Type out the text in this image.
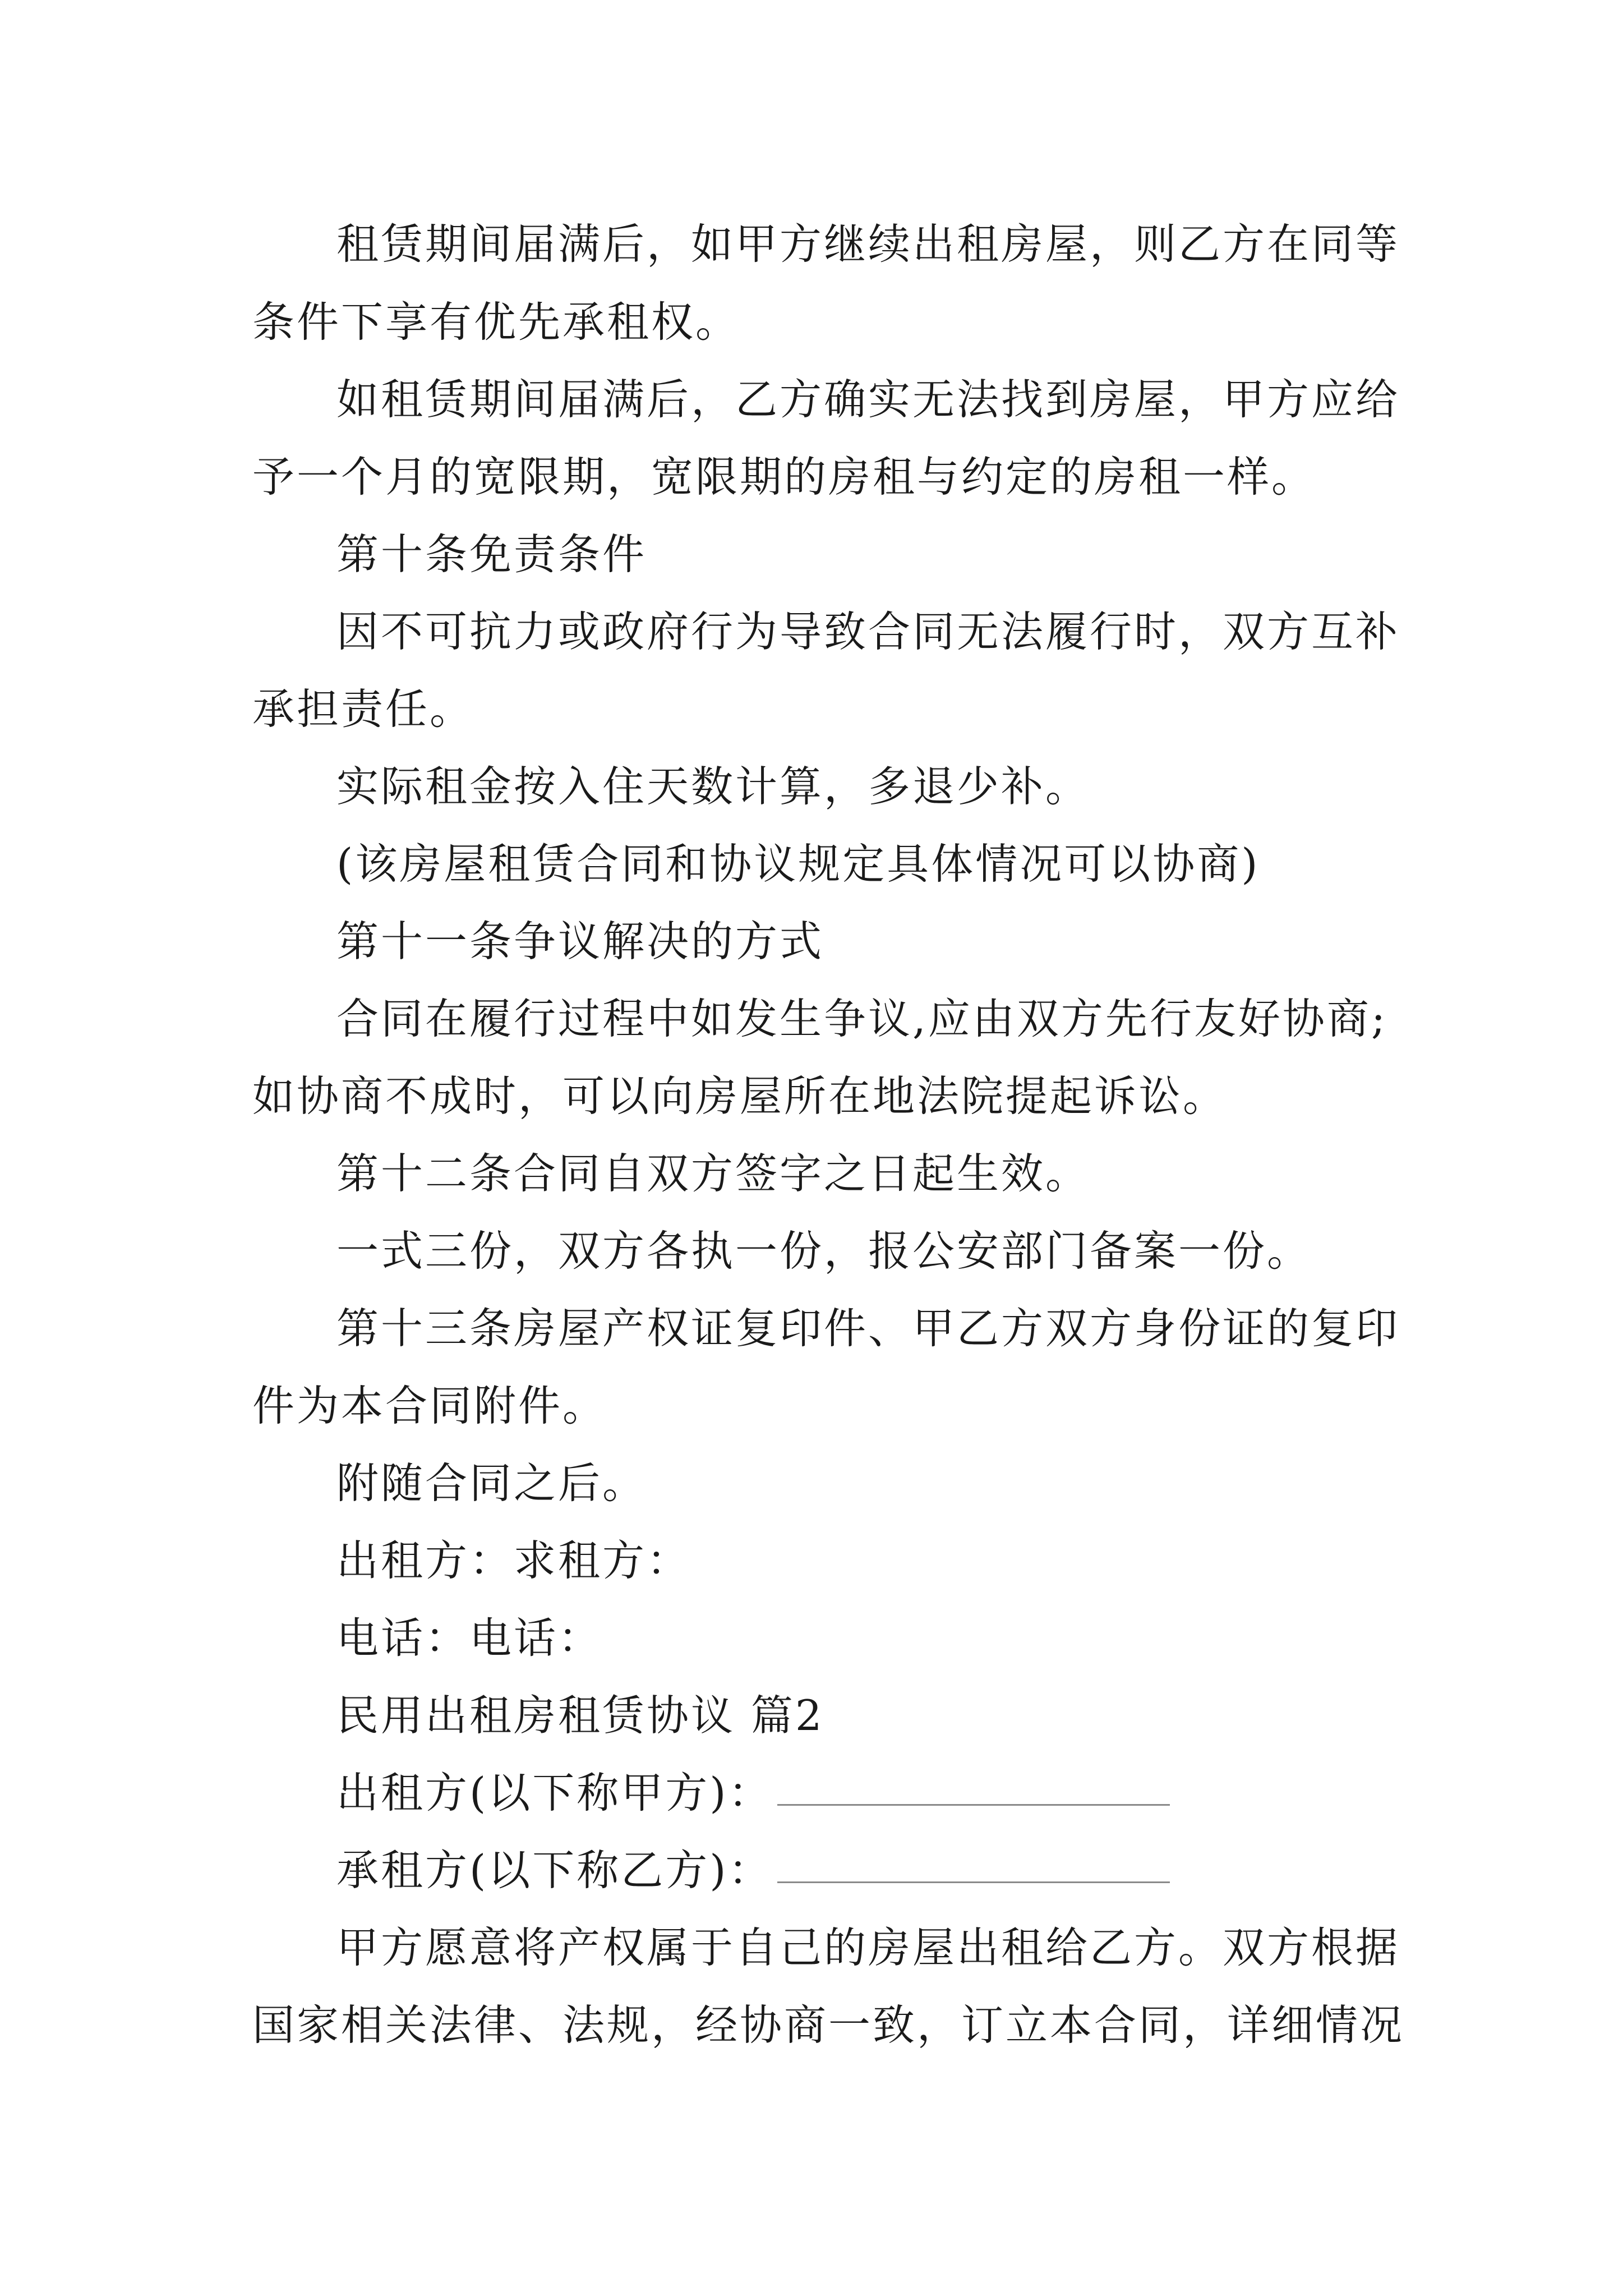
租赁期间届满后，如甲方继续出租房屋，则乙方在同等
条件下享有优先承租权。
如租赁期间届满后，乙方确实无法找到房屋，甲方应给
予一个月的宽限期，宽限期的房租与约定的房租一样。
第十条免责条件
因不可抗力或政府行为导致合同无法履行时，双方互补
承担责任。
实际租金按入住天数计算，多退少补。
(该房屋租赁合同和协议规定具体情况可以协商)
第十一条争议解决的方式
合同在履行过程中如发生争议,应由双方先行友好协商;
如协商不成时，可以向房屋所在地法院提起诉讼。
第十二条合同自双方签字之日起生效。
一式三份，双方各执一份，报公安部门备案一份。
第十三条房屋产权证复印件、甲乙方双方身份证的复印
件为本合同附件。
附随合同之后。
出租方：求租方：
电话：电话：
民用出租房租赁协议 篇2
出租方(以下称甲方)：
承租方(以下称乙方)：
甲方愿意将产权属于自己的房屋出租给乙方。双方根据
国家相关法律、法规，经协商一致，订立本合同，详细情况
